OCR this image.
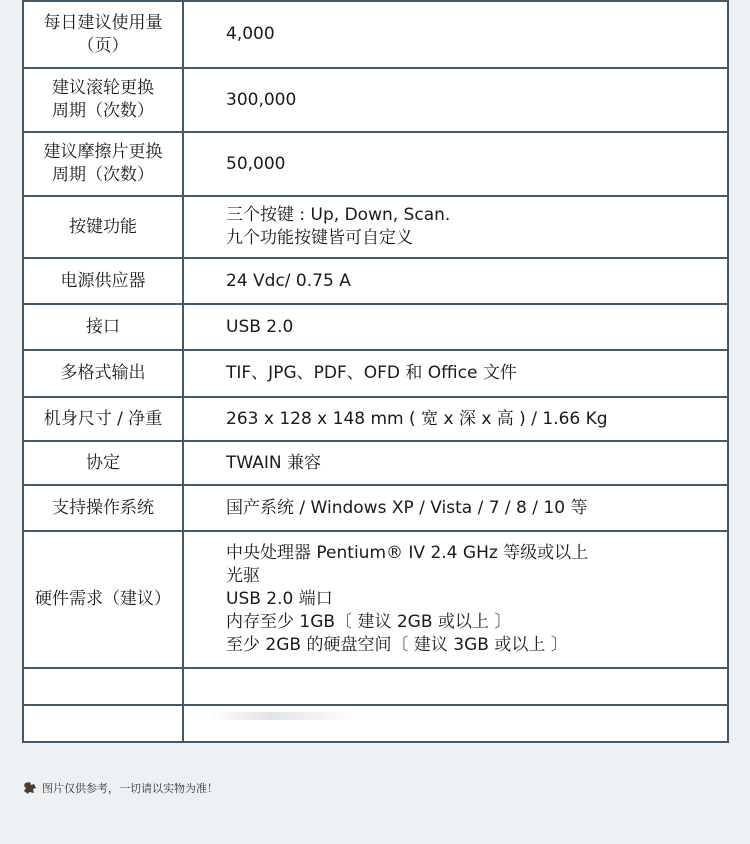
每日建议使用量
（页）	4,000

建议滚轮更换
周期（次数）	300,000

建议摩擦片更换
周期（次数）	50,000

按键功能	三个按键 : Up, Down, Scan.
九个功能按键皆可自定义

电源供应器	24 Vdc/ 0.75 A

接口	USB 2.0

多格式输出	TIF、JPG、PDF、OFD 和 Office 文件

机身尺寸 / 净重	263 x 128 x 148 mm ( 宽 x 深 x 高 ) / 1.66 Kg

协定	TWAIN 兼容

支持操作系统	国产系统 / Windows XP / Vista / 7 / 8 / 10 等

硬件需求（建议）	中央处理器 Pentium® IV 2.4 GHz 等级或以上
光驱
USB 2.0 端口
内存至少 1GB〔 建议 2GB 或以上 〕
至少 2GB 的硬盘空间〔 建议 3GB 或以上 〕

图片仅供参考，一切请以实物为准！
